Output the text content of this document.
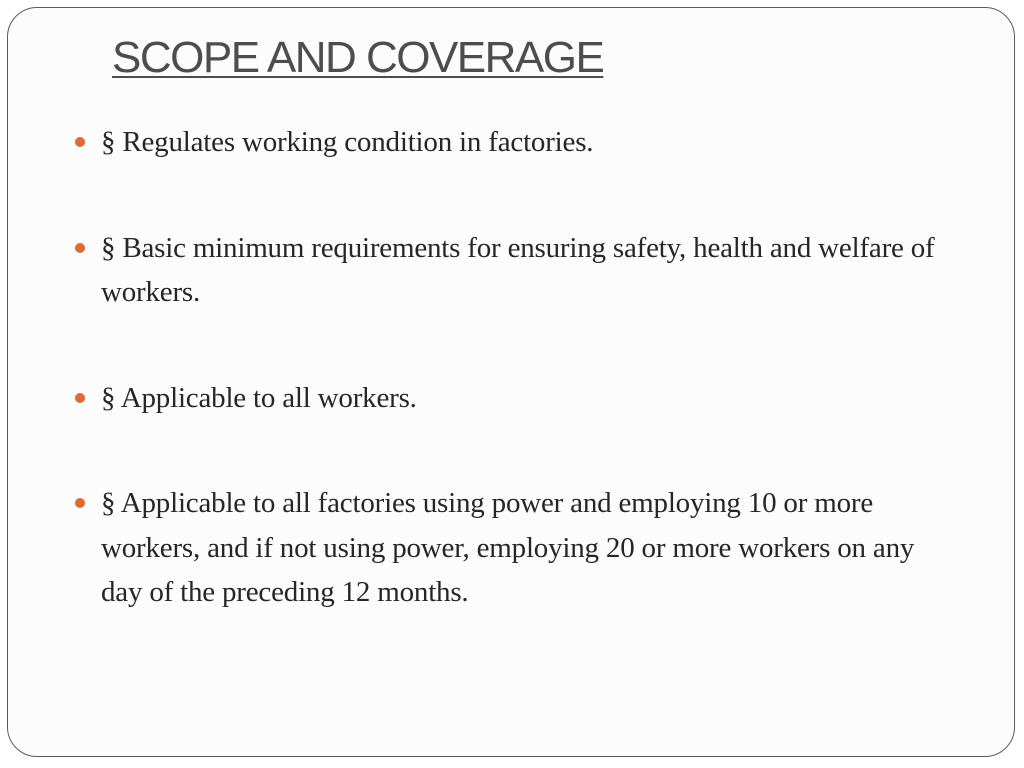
SCOPE AND COVERAGE
§ Regulates working condition in factories.
§ Basic minimum requirements for ensuring safety, health and welfare of workers.
§ Applicable to all workers.
§ Applicable to all factories using power and employing 10 or more workers, and if not using power, employing 20 or more workers on any day of the preceding 12 months.
